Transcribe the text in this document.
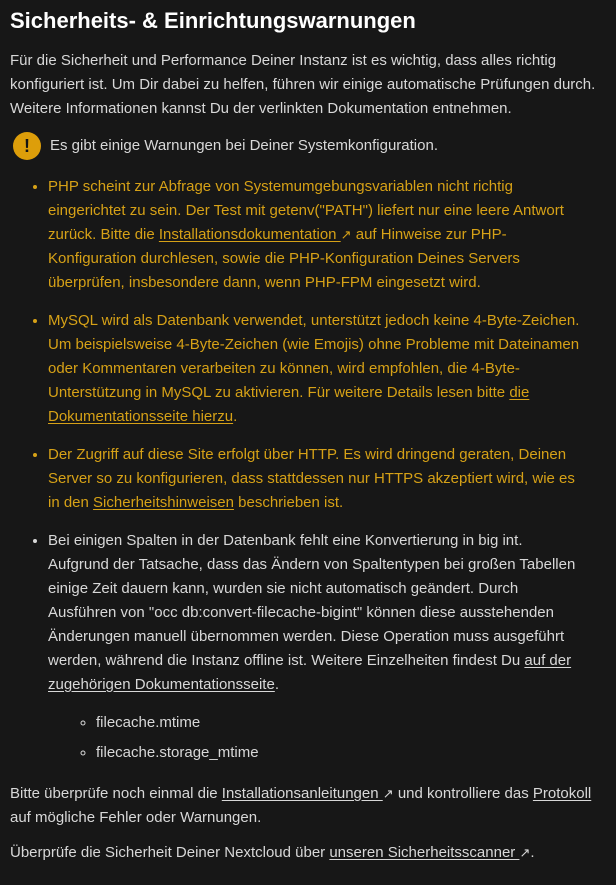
Sicherheits- & Einrichtungswarnungen

Für die Sicherheit und Performance Deiner Instanz ist es wichtig, dass alles richtig konfiguriert ist. Um Dir dabei zu helfen, führen wir einige automatische Prüfungen durch. Weitere Informationen kannst Du der verlinkten Dokumentation entnehmen.

! Es gibt einige Warnungen bei Deiner Systemkonfiguration.
• PHP scheint zur Abfrage von Systemumgebungsvariablen nicht richtig eingerichtet zu sein. Der Test mit getenv("PATH") liefert nur eine leere Antwort zurück. Bitte die Installationsdokumentation ↗ auf Hinweise zur PHP-Konfiguration durchlesen, sowie die PHP-Konfiguration Deines Servers überprüfen, insbesondere dann, wenn PHP-FPM eingesetzt wird.
• MySQL wird als Datenbank verwendet, unterstützt jedoch keine 4-Byte-Zeichen. Um beispielsweise 4-Byte-Zeichen (wie Emojis) ohne Probleme mit Dateinamen oder Kommentaren verarbeiten zu können, wird empfohlen, die 4-Byte-Unterstützung in MySQL zu aktivieren. Für weitere Details lesen bitte die Dokumentationsseite hierzu.
• Der Zugriff auf diese Site erfolgt über HTTP. Es wird dringend geraten, Deinen Server so zu konfigurieren, dass stattdessen nur HTTPS akzeptiert wird, wie es in den Sicherheitshinweisen beschrieben ist.
• Bei einigen Spalten in der Datenbank fehlt eine Konvertierung in big int. Aufgrund der Tatsache, dass das Ändern von Spaltentypen bei großen Tabellen einige Zeit dauern kann, wurden sie nicht automatisch geändert. Durch Ausführen von "occ db:convert-filecache-bigint" können diese ausstehenden Änderungen manuell übernommen werden. Diese Operation muss ausgeführt werden, während die Instanz offline ist. Weitere Einzelheiten findest Du auf der zugehörigen Dokumentationsseite.
◦ filecache.mtime
◦ filecache.storage_mtime

Bitte überprüfe noch einmal die Installationsanleitungen ↗ und kontrolliere das Protokoll auf mögliche Fehler oder Warnungen.

Überprüfe die Sicherheit Deiner Nextcloud über unseren Sicherheitsscanner ↗.
